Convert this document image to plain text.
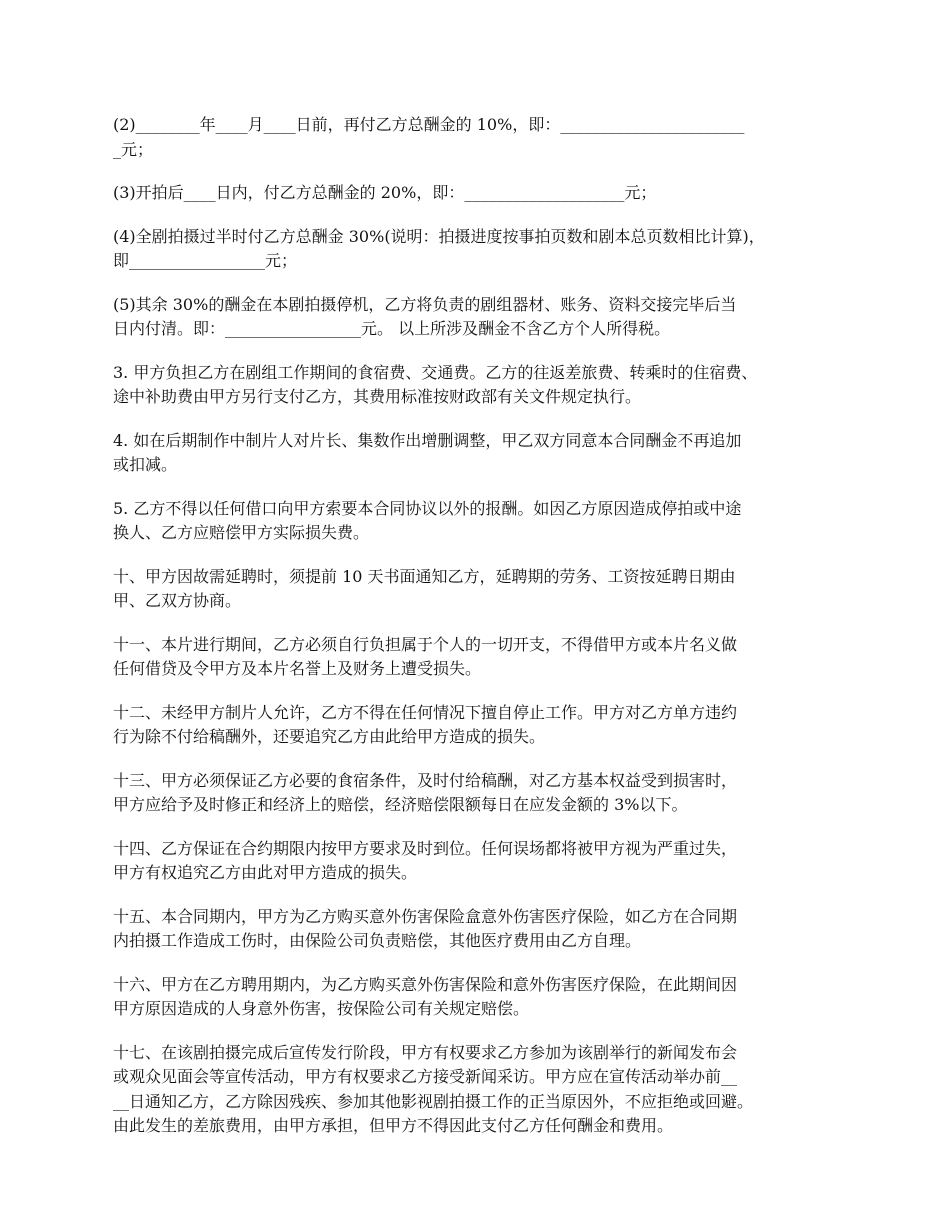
(2)________年____月____日前，再付乙方总酬金的 10%，即：_______________________
_元；

(3)开拍后____日内，付乙方总酬金的 20%，即：____________________元；

(4)全剧拍摄过半时付乙方总酬金 30%(说明：拍摄进度按事拍页数和剧本总页数相比计算)，
即_________________元；

(5)其余 30%的酬金在本剧拍摄停机，乙方将负责的剧组器材、账务、资料交接完毕后当
日内付清。即：_________________元。 以上所涉及酬金不含乙方个人所得税。

3. 甲方负担乙方在剧组工作期间的食宿费、交通费。乙方的往返差旅费、转乘时的住宿费、
途中补助费由甲方另行支付乙方，其费用标准按财政部有关文件规定执行。

4. 如在后期制作中制片人对片长、集数作出增删调整，甲乙双方同意本合同酬金不再追加
或扣减。

5. 乙方不得以任何借口向甲方索要本合同协议以外的报酬。如因乙方原因造成停拍或中途
换人、乙方应赔偿甲方实际损失费。

十、甲方因故需延聘时，须提前 10 天书面通知乙方，延聘期的劳务、工资按延聘日期由
甲、乙双方协商。

十一、本片进行期间，乙方必须自行负担属于个人的一切开支，不得借甲方或本片名义做
任何借贷及令甲方及本片名誉上及财务上遭受损失。

十二、未经甲方制片人允许，乙方不得在任何情况下擅自停止工作。甲方对乙方单方违约
行为除不付给稿酬外，还要追究乙方由此给甲方造成的损失。

十三、甲方必须保证乙方必要的食宿条件，及时付给稿酬，对乙方基本权益受到损害时，
甲方应给予及时修正和经济上的赔偿，经济赔偿限额每日在应发金额的 3%以下。

十四、乙方保证在合约期限内按甲方要求及时到位。任何误场都将被甲方视为严重过失，
甲方有权追究乙方由此对甲方造成的损失。

十五、本合同期内，甲方为乙方购买意外伤害保险盒意外伤害医疗保险，如乙方在合同期
内拍摄工作造成工伤时，由保险公司负责赔偿，其他医疗费用由乙方自理。

十六、甲方在乙方聘用期内，为乙方购买意外伤害保险和意外伤害医疗保险，在此期间因
甲方原因造成的人身意外伤害，按保险公司有关规定赔偿。

十七、在该剧拍摄完成后宣传发行阶段，甲方有权要求乙方参加为该剧举行的新闻发布会
或观众见面会等宣传活动，甲方有权要求乙方接受新闻采访。甲方应在宣传活动举办前__
__日通知乙方，乙方除因残疾、参加其他影视剧拍摄工作的正当原因外，不应拒绝或回避。
由此发生的差旅费用，由甲方承担，但甲方不得因此支付乙方任何酬金和费用。
